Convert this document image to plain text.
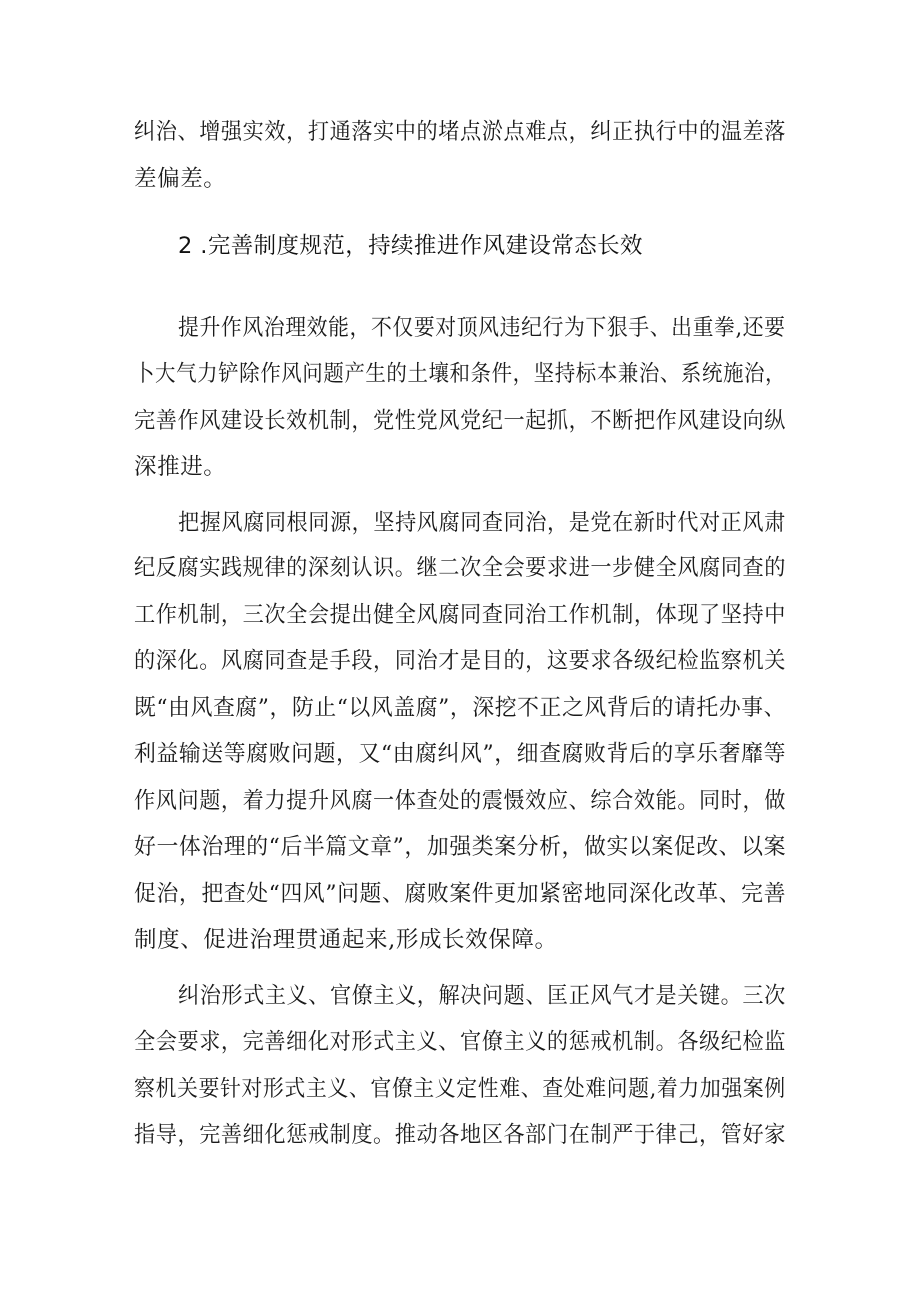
纠治、增强实效，打通落实中的堵点淤点难点，纠正执行中的温差落
差偏差。
2 .完善制度规范，持续推进作风建设常态长效
提升作风治理效能，不仅要对顶风违纪行为下狠手、出重拳,还要
卜大气力铲除作风问题产生的土壤和条件，坚持标本兼治、系统施治，
完善作风建设长效机制，党性党风党纪一起抓，不断把作风建设向纵
深推进。
把握风腐同根同源，坚持风腐同查同治，是党在新时代对正风肃
纪反腐实践规律的深刻认识。继二次全会要求进一步健全风腐同查的
工作机制，三次全会提出健全风腐同查同治工作机制，体现了坚持中
的深化。风腐同查是手段，同治才是目的，这要求各级纪检监察机关
既“由风查腐”，防止“以风盖腐”，深挖不正之风背后的请托办事、
利益输送等腐败问题，又“由腐纠风”，细查腐败背后的享乐奢靡等
作风问题，着力提升风腐一体查处的震慑效应、综合效能。同时，做
好一体治理的“后半篇文章”，加强类案分析，做实以案促改、以案
促治，把查处“四风”问题、腐败案件更加紧密地同深化改革、完善
制度、促进治理贯通起来,形成长效保障。
纠治形式主义、官僚主义，解决问题、匡正风气才是关键。三次
全会要求，完善细化对形式主义、官僚主义的惩戒机制。各级纪检监
察机关要针对形式主义、官僚主义定性难、查处难问题,着力加强案例
指导，完善细化惩戒制度。推动各地区各部门在制严于律己，管好家
